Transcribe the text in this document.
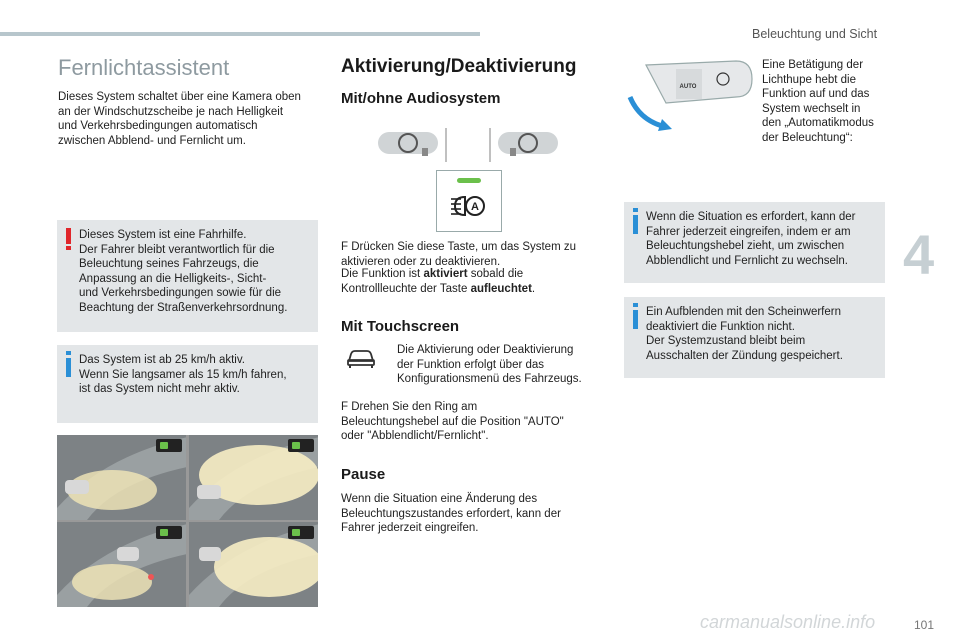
Beleuchtung und Sicht
4
101
carmanualsonline.info
Fernlichtassistent
Dieses System schaltet über eine Kamera oben
an der Windschutzscheibe je nach Helligkeit
und Verkehrsbedingungen automatisch
zwischen Abblend- und Fernlicht um.
Dieses System ist eine Fahrhilfe.
Der Fahrer bleibt verantwortlich für die
Beleuchtung seines Fahrzeugs, die
Anpassung an die Helligkeits-, Sicht-
und Verkehrsbedingungen sowie für die
Beachtung der Straßenverkehrsordnung.
Das System ist ab 25 km/h aktiv.
Wenn Sie langsamer als 15 km/h fahren,
ist das System nicht mehr aktiv.
Aktivierung/Deaktivierung
Mit/ohne Audiosystem
A
F Drücken Sie diese Taste, um das System zu
aktivieren oder zu deaktivieren.
Die Funktion ist aktiviert sobald die
Kontrollleuchte der Taste aufleuchtet.
Mit Touchscreen
Die Aktivierung oder Deaktivierung
der Funktion erfolgt über das
Konfigurationsmenü des Fahrzeugs.
F Drehen Sie den Ring am
Beleuchtungshebel auf die Position "AUTO"
oder "Abblendlicht/Fernlicht".
Pause
Wenn die Situation eine Änderung des
Beleuchtungszustandes erfordert, kann der
Fahrer jederzeit eingreifen.
AUTO
Eine Betätigung der
Lichthupe hebt die
Funktion auf und das
System wechselt in
den „Automatikmodus
der Beleuchtung“:
Wenn die Situation es erfordert, kann der
Fahrer jederzeit eingreifen, indem er am
Beleuchtungshebel zieht, um zwischen
Abblendlicht und Fernlicht zu wechseln.
Ein Aufblenden mit den Scheinwerfern
deaktiviert die Funktion nicht.
Der Systemzustand bleibt beim
Ausschalten der Zündung gespeichert.
